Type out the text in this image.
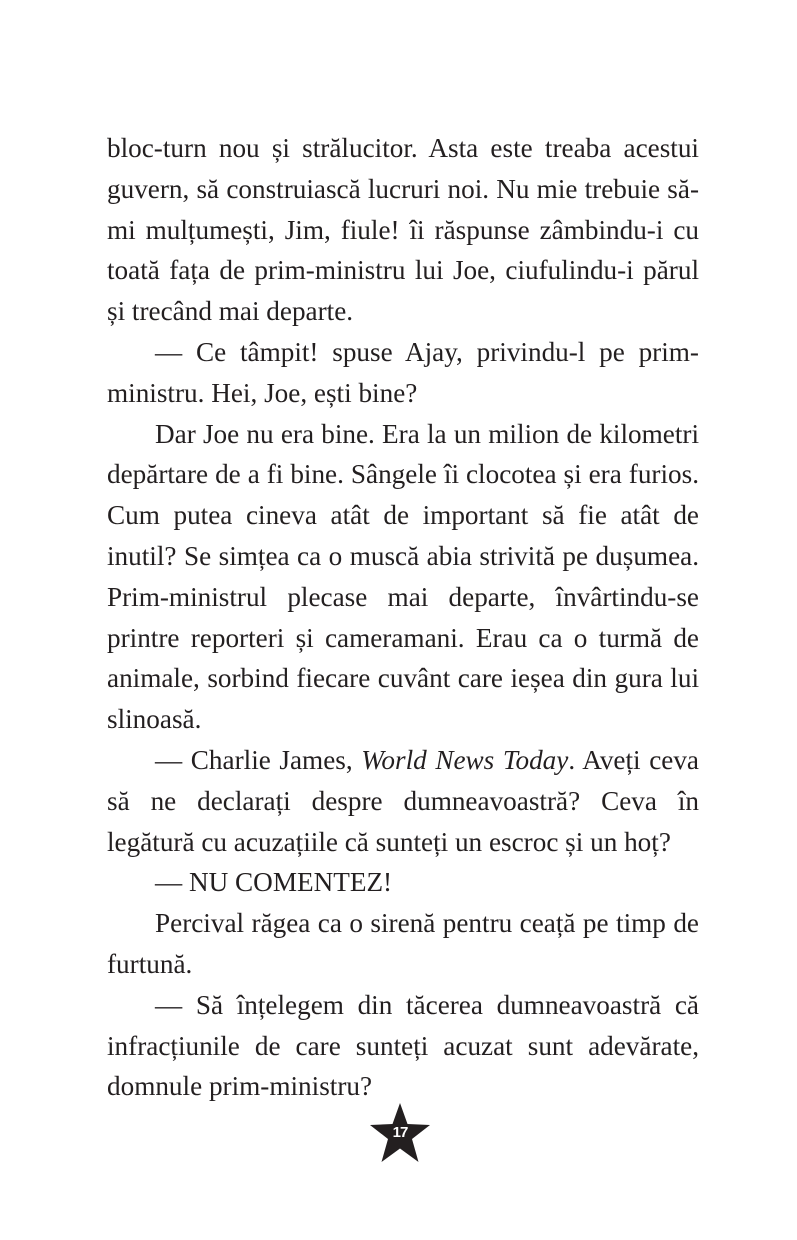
bloc-turn nou și strălucitor. Asta este treaba acestui guvern, să construiască lucruri noi. Nu mie trebuie să-mi mulțumești, Jim, fiule! îi răspunse zâmbindu-i cu toată fața de prim-ministru lui Joe, ciufulindu-i părul și trecând mai departe.

— Ce tâmpit! spuse Ajay, privindu-l pe prim-ministru. Hei, Joe, ești bine?

Dar Joe nu era bine. Era la un milion de kilometri depărtare de a fi bine. Sângele îi clocotea și era furios. Cum putea cineva atât de important să fie atât de inutil? Se simțea ca o muscă abia strivită pe dușumea. Prim-ministrul plecase mai departe, învârtindu-se printre reporteri și cameramani. Erau ca o turmă de animale, sorbind fiecare cuvânt care ieșea din gura lui slinoasă.

— Charlie James, World News Today. Aveți ceva să ne declarați despre dumneavoastră? Ceva în legătură cu acuzațiile că sunteți un escroc și un hoț?

— NU COMENTEZ!

Percival răgea ca o sirenă pentru ceață pe timp de furtună.

— Să înțelegem din tăcerea dumneavoastră că infracțiunile de care sunteți acuzat sunt adevărate, domnule prim-ministru?

17
